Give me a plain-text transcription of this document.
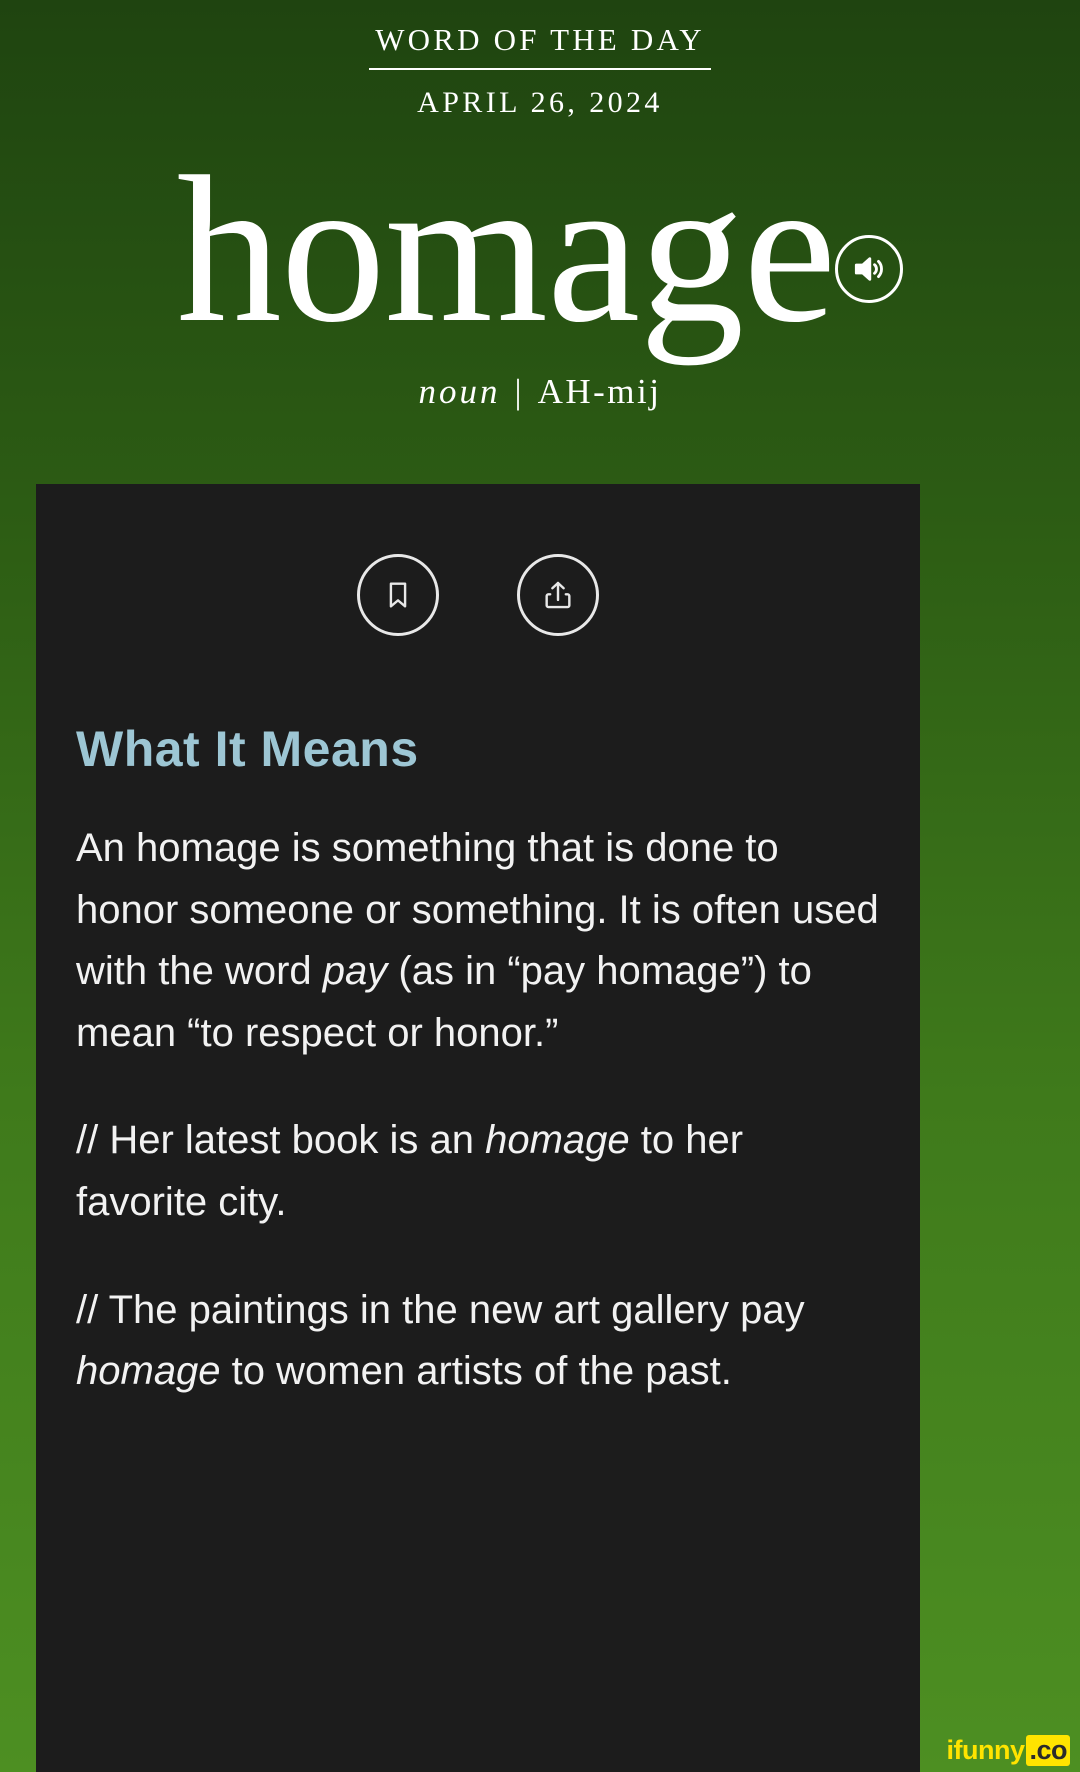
WORD OF THE DAY
APRIL 26, 2024
homage
noun | AH-mij
What It Means
An homage is something that is done to honor someone or something. It is often used with the word pay (as in “pay homage”) to mean “to respect or honor.”
// Her latest book is an homage to her favorite city.
// The paintings in the new art gallery pay homage to women artists of the past.
ifunny .co
